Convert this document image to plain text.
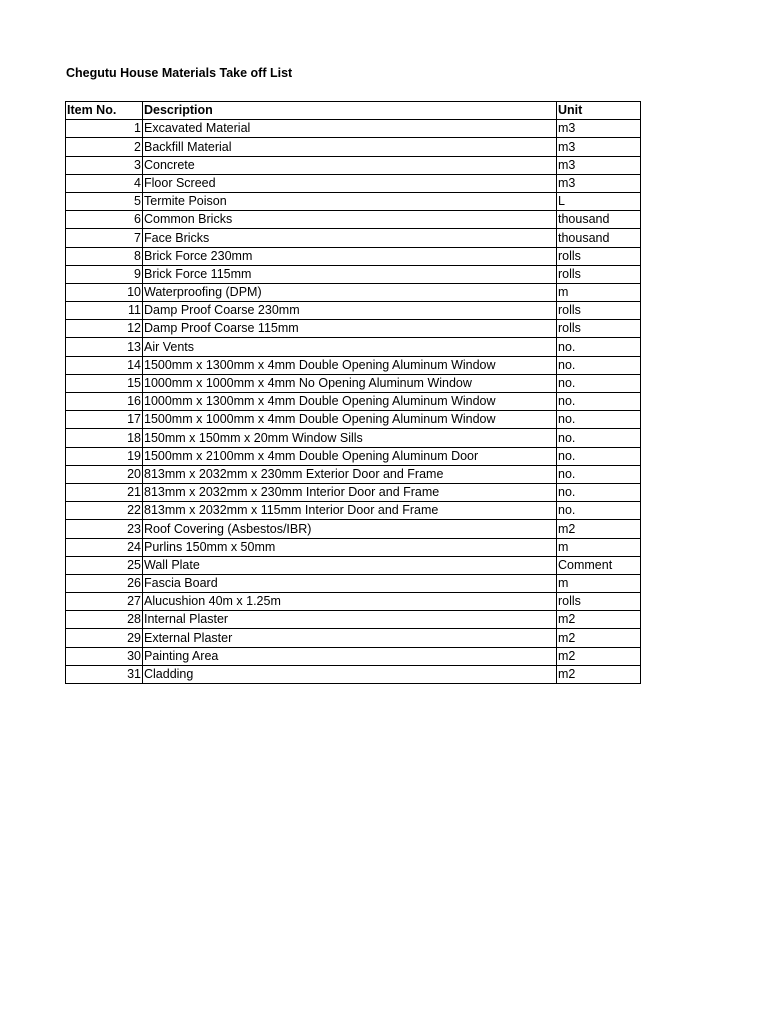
Chegutu House Materials Take off List
Item No.	Description	Unit
1	Excavated Material	m3
2	Backfill Material	m3
3	Concrete	m3
4	Floor Screed	m3
5	Termite Poison	L
6	Common Bricks	thousand
7	Face Bricks	thousand
8	Brick Force 230mm	rolls
9	Brick Force 115mm	rolls
10	Waterproofing (DPM)	m
11	Damp Proof Coarse 230mm	rolls
12	Damp Proof Coarse 115mm	rolls
13	Air Vents	no.
14	1500mm x 1300mm x 4mm Double Opening Aluminum Window	no.
15	1000mm x 1000mm x 4mm No Opening Aluminum Window	no.
16	1000mm x 1300mm x 4mm Double Opening Aluminum Window	no.
17	1500mm x 1000mm x 4mm Double Opening Aluminum Window	no.
18	150mm x 150mm x 20mm Window Sills	no.
19	1500mm x 2100mm x 4mm Double Opening Aluminum Door	no.
20	813mm x 2032mm x 230mm Exterior Door and Frame	no.
21	813mm x 2032mm x 230mm Interior Door and Frame	no.
22	813mm x 2032mm x 115mm Interior Door and Frame	no.
23	Roof Covering (Asbestos/IBR)	m2
24	Purlins 150mm x 50mm	m
25	Wall Plate	Comment
26	Fascia Board	m
27	Alucushion 40m x 1.25m	rolls
28	Internal Plaster	m2
29	External Plaster	m2
30	Painting Area	m2
31	Cladding	m2
